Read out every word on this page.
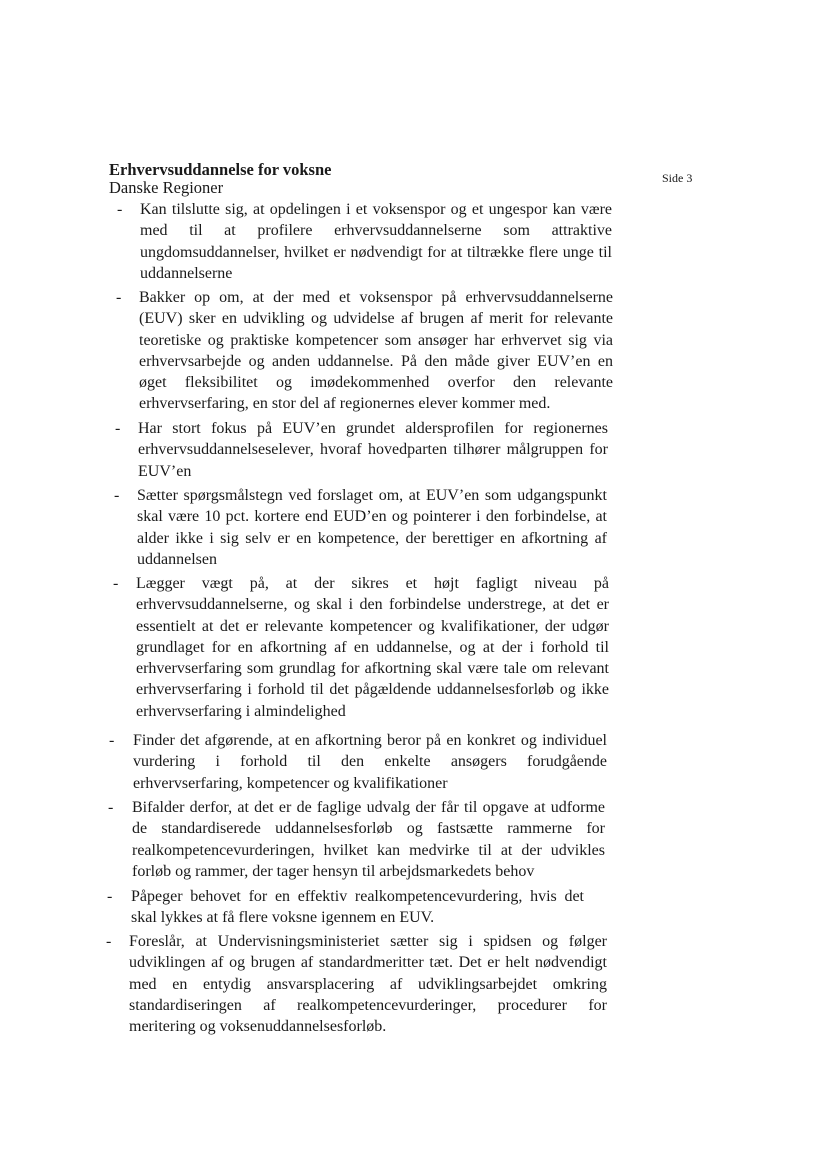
Side 3
Erhvervsuddannelse for voksne
Danske Regioner
- Kan tilslutte sig, at opdelingen i et voksenspor og et ungespor kan være med til at profilere erhvervsuddannelserne som attraktive ungdomsuddannelser, hvilket er nødvendigt for at tiltrække flere unge til uddannelserne
- Bakker op om, at der med et voksenspor på erhvervsuddannelserne (EUV) sker en udvikling og udvidelse af brugen af merit for relevante teoretiske og praktiske kompetencer som ansøger har erhvervet sig via erhvervsarbejde og anden uddannelse. På den måde giver EUV’en en øget fleksibilitet og imødekommenhed overfor den relevante erhvervserfaring, en stor del af regionernes elever kommer med.
- Har stort fokus på EUV’en grundet aldersprofilen for regionernes erhvervsuddannelseselever, hvoraf hovedparten tilhører målgruppen for EUV’en
- Sætter spørgsmålstegn ved forslaget om, at EUV’en som udgangspunkt skal være 10 pct. kortere end EUD’en og pointerer i den forbindelse, at alder ikke i sig selv er en kompetence, der berettiger en afkortning af uddannelsen
- Lægger vægt på, at der sikres et højt fagligt niveau på erhvervsuddannelserne, og skal i den forbindelse understrege, at det er essentielt at det er relevante kompetencer og kvalifikationer, der udgør grundlaget for en afkortning af en uddannelse, og at der i forhold til erhvervserfaring som grundlag for afkortning skal være tale om relevant erhvervserfaring i forhold til det pågældende uddannelsesforløb og ikke erhvervserfaring i almindelighed
- Finder det afgørende, at en afkortning beror på en konkret og individuel vurdering i forhold til den enkelte ansøgers forudgående erhvervserfaring, kompetencer og kvalifikationer
- Bifalder derfor, at det er de faglige udvalg der får til opgave at udforme de standardiserede uddannelsesforløb og fastsætte rammerne for realkompetencevurderingen, hvilket kan medvirke til at der udvikles forløb og rammer, der tager hensyn til arbejdsmarkedets behov
- Påpeger behovet for en effektiv realkompetencevurdering, hvis det skal lykkes at få flere voksne igennem en EUV.
- Foreslår, at Undervisningsministeriet sætter sig i spidsen og følger udviklingen af og brugen af standardmeritter tæt. Det er helt nødvendigt med en entydig ansvarsplacering af udviklingsarbejdet omkring standardiseringen af realkompetencevurderinger, procedurer for meritering og voksenuddannelsesforløb.
